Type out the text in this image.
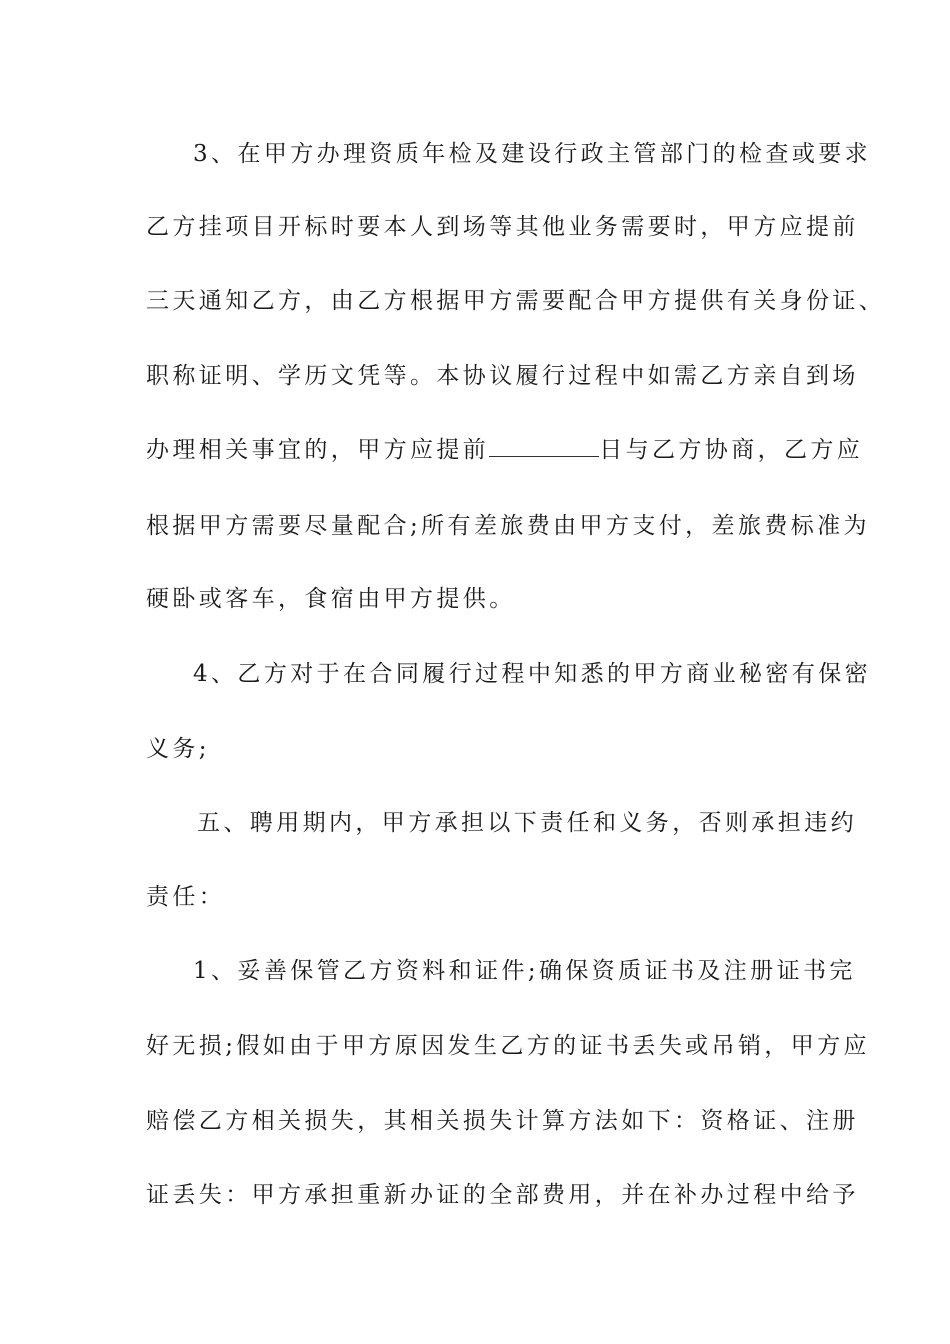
3、在甲方办理资质年检及建设行政主管部门的检查或要求
乙方挂项目开标时要本人到场等其他业务需要时，甲方应提前
三天通知乙方，由乙方根据甲方需要配合甲方提供有关身份证、
职称证明、学历文凭等。本协议履行过程中如需乙方亲自到场
办理相关事宜的，甲方应提前	日与乙方协商，乙方应
根据甲方需要尽量配合;所有差旅费由甲方支付，差旅费标准为
硬卧或客车，食宿由甲方提供。
4、乙方对于在合同履行过程中知悉的甲方商业秘密有保密
义务;
五、聘用期内，甲方承担以下责任和义务，否则承担违约
责任：
1、妥善保管乙方资料和证件;确保资质证书及注册证书完
好无损;假如由于甲方原因发生乙方的证书丢失或吊销，甲方应
赔偿乙方相关损失，其相关损失计算方法如下：资格证、注册
证丢失：甲方承担重新办证的全部费用，并在补办过程中给予
